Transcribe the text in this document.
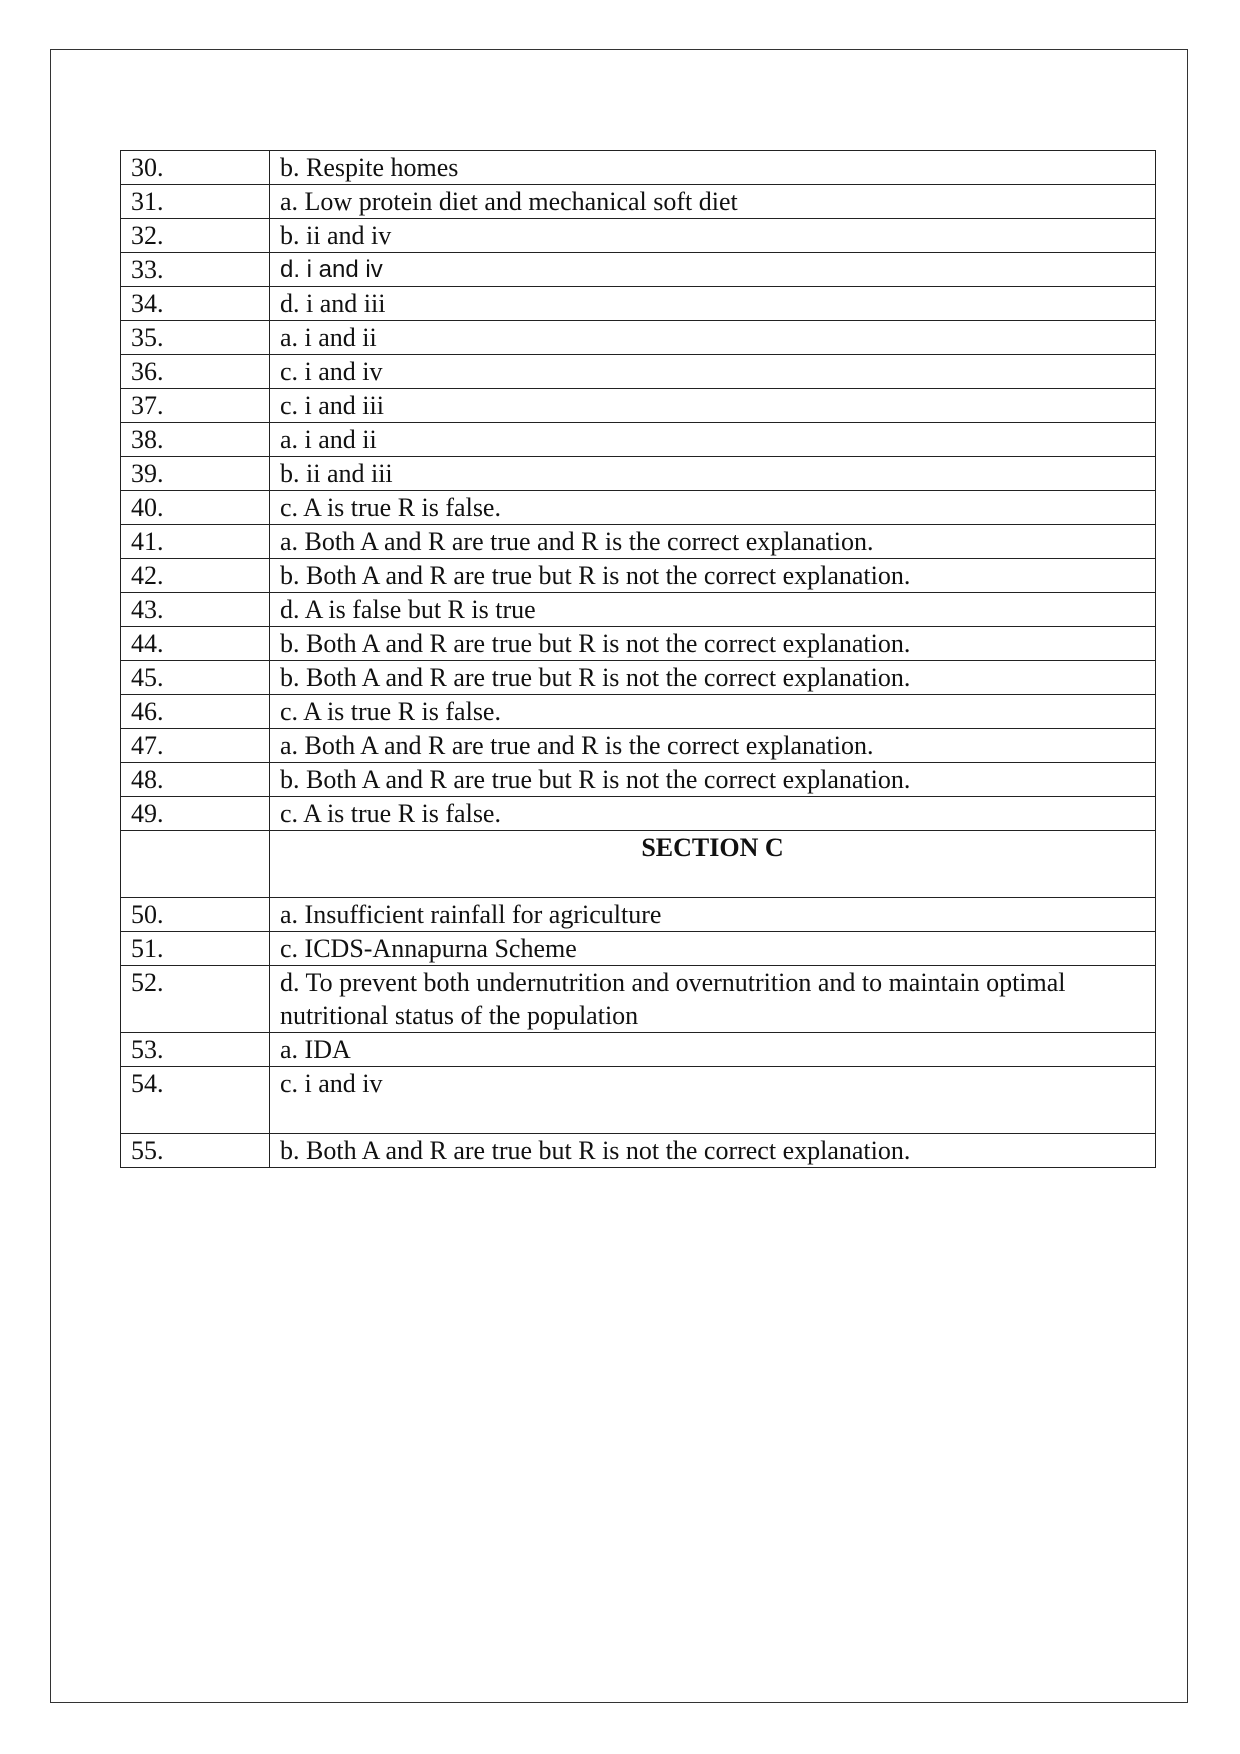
30.	b. Respite homes
31.	a. Low protein diet and mechanical soft diet
32.	b. ii and iv
33.	d. i and iv
34.	d. i and iii
35.	a. i and ii
36.	c. i and iv
37.	c. i and iii
38.	a. i and ii
39.	b. ii and iii
40.	c. A is true R is false.
41.	a. Both A and R are true and R is the correct explanation.
42.	b. Both A and R are true but R is not the correct explanation.
43.	d. A is false but R is true
44.	b. Both A and R are true but R is not the correct explanation.
45.	b. Both A and R are true but R is not the correct explanation.
46.	c. A is true R is false.
47.	a. Both A and R are true and R is the correct explanation.
48.	b. Both A and R are true but R is not the correct explanation.
49.	c. A is true R is false.
	SECTION C
50.	a. Insufficient rainfall for agriculture
51.	c. ICDS-Annapurna Scheme
52.	d. To prevent both undernutrition and overnutrition and to maintain optimal nutritional status of the population
53.	a. IDA
54.	c. i and iv
55.	b. Both A and R are true but R is not the correct explanation.
